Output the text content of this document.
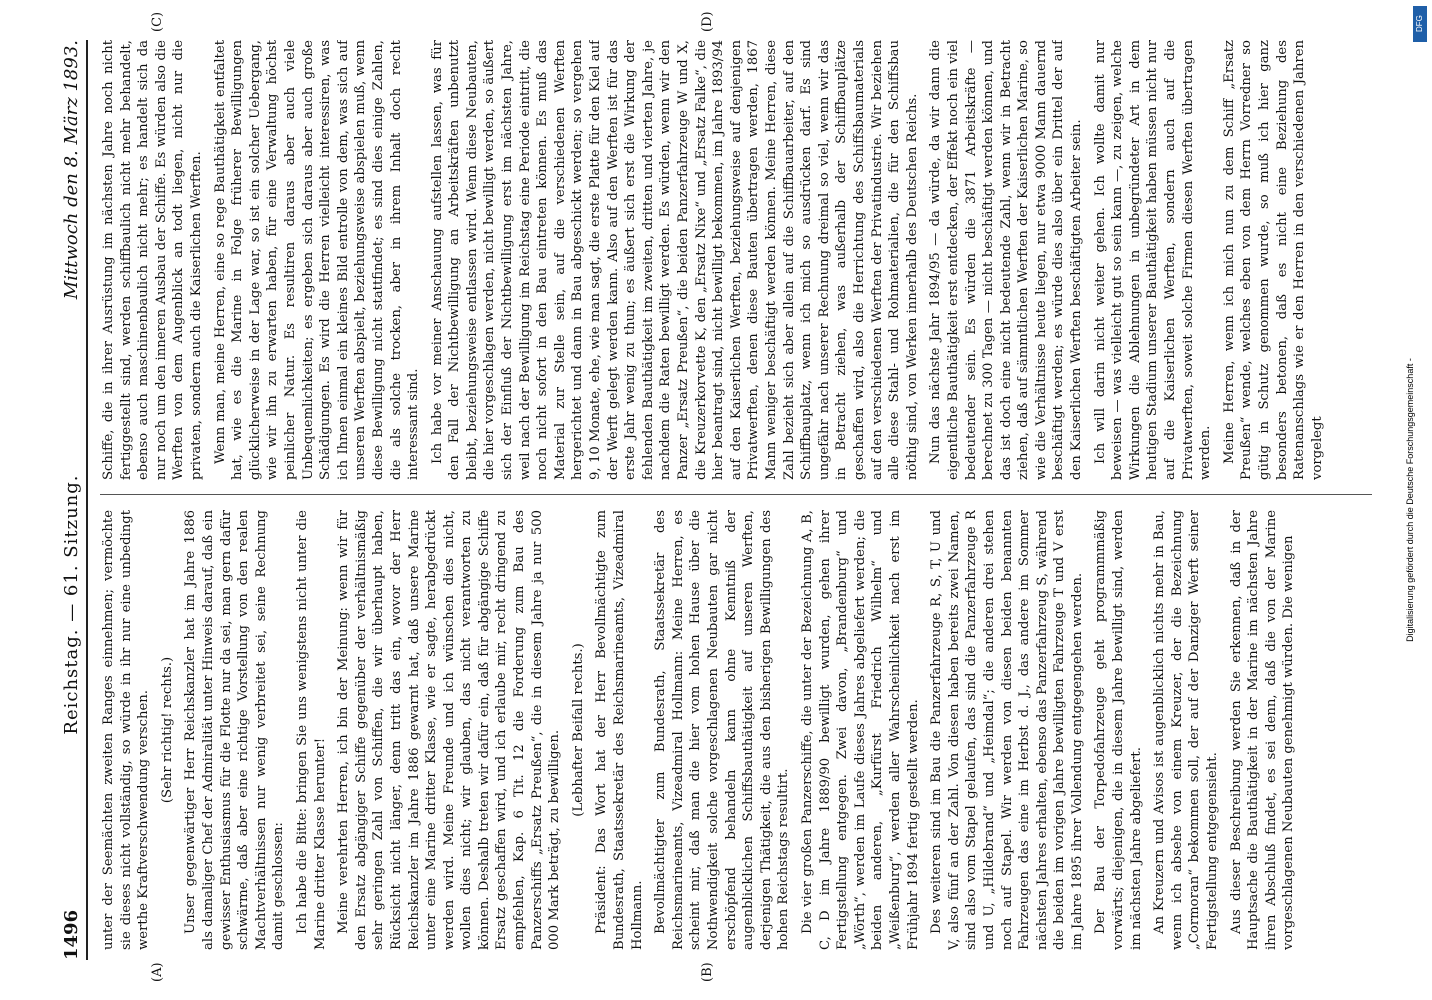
1496
Reichstag. — 61. Sitzung.
Mittwoch den 8. März 1893.
(A)	(B)
(C)	(D)

unter der Seemächten zweiten Ranges einnehmen; vermöchte sie dieses nicht vollständig, so würde in ihr nur eine unbedingt werthe Kraftverschwendung verschen. (Sehr richtig! rechts.) Unser gegenwärtiger Herr Reichskanzler hat im Jahre 1886 als damaliger Chef der Admiralität unter Hinweis darauf, daß ein gewisser Enthusiasmus für die Flotte nur da sei, man gern dafür schwärme, daß aber eine richtige Vorstellung von den realen Machtverhältnissen nur wenig verbreitet sei, seine Rechnung damit geschlossen: Ich habe die Bitte: bringen Sie uns wenigstens nicht unter die Marine dritter Klasse herunter! Meine verehrten Herren, ich bin der Meinung: wenn wir für den Ersatz abgängiger Schiffe gegenüber der verhältnismäßig sehr geringen Zahl von Schiffen, die wir überhaupt haben, Rücksicht nicht länger, denn tritt das ein, wovor der Herr Reichskanzler im Jahre 1886 gewarnt hat, daß unsere Marine unter eine Marine dritter Klasse, wie er sagte, herabgedrückt werden wird. Meine Freunde und ich wünschen dies nicht, wollen dies nicht; wir glauben, das nicht verantworten zu können. Deshalb treten wir dafür ein, daß für abgängige Schiffe Ersatz geschaffen wird, und ich erlaube mir, recht dringend zu empfehlen, Kap. 6 Tit. 12 die Forderung zum Bau des Panzerschiffs „Ersatz Preußen“, die in diesem Jahre ja nur 500 000 Mark beträgt, zu bewilligen. (Lebhafter Beifall rechts.) Präsident: Das Wort hat der Herr Bevollmächtigte zum Bundesrath, Staatssekretär des Reichsmarineamts, Vizeadmiral Hollmann. Bevollmächtigter zum Bundesrath, Staatssekretär des Reichsmarineamts, Vizeadmiral Hollmann: Meine Herren, es scheint mir, daß man die hier vom hohen Hause über die Nothwendigkeit solche vorgeschlagenen Neubauten gar nicht erschöpfend behandeln kann ohne Kenntniß der augenblicklichen Schiffsbauthätigkeit auf unseren Werften, derjenigen Thätigkeit, die aus den bisherigen Bewilligungen des hohen Reichstags resultirt. Die vier großen Panzerschiffe, die unter der Bezeichnung A, B, C, D im Jahre 1889/90 bewilligt wurden, gehen ihrer Fertigstellung entgegen. Zwei davon, „Brandenburg“ und „Wörth“, werden im Laufe dieses Jahres abgeliefert werden; die beiden anderen, „Kurfürst Friedrich Wilhelm“ und „Weißenburg“, werden aller Wahrscheinlichkeit nach erst im Frühjahr 1894 fertig gestellt werden. Des weiteren sind im Bau die Panzerfahrzeuge R, S, T, U und V, also fünf an der Zahl. Von diesen haben bereits zwei Namen, sind also vom Stapel gelaufen, das sind die Panzerfahrzeuge R und U, „Hildebrand“ und „Heimdal“; die anderen drei stehen noch auf Stapel. Wir werden von diesen beiden benannten Fahrzeugen das eine im Herbst d. J., das andere im Sommer nächsten Jahres erhalten, ebenso das Panzerfahrzeug S, während die beiden im vorigen Jahre bewilligten Fahrzeuge T und V erst im Jahre 1895 ihrer Vollendung entgegengehen werden. Der Bau der Torpedofahrzeuge geht programmmäßig vorwärts; diejenigen, die in diesem Jahre bewilligt sind, werden im nächsten Jahre abgeliefert. An Kreuzern und Avisos ist augenblicklich nichts mehr in Bau, wenn ich absehe von einem Kreuzer, der die Bezeichnung „Cormoran“ bekommen soll, der auf der Danziger Werft seiner Fertigstellung entgegensieht. Aus dieser Beschreibung werden Sie erkennen, daß in der Hauptsache die Bauthätigkeit in der Marine im nächsten Jahre ihren Abschluß findet, es sei denn, daß die von der Marine vorgeschlagenen Neubauten genehmigt würden. Die wenigen

Schiffe, die in ihrer Ausrüstung im nächsten Jahre noch nicht fertiggestellt sind, werden schiffbaulich nicht mehr behandelt, ebenso auch maschinenbaulich nicht mehr; es handelt sich da nur noch um den inneren Ausbau der Schiffe. Es würden also die Werften von dem Augenblick an todt liegen, nicht nur die privaten, sondern auch die Kaiserlichen Werften. Wenn man, meine Herren, eine so rege Bauthätigkeit entfaltet hat, wie es die Marine in Folge früherer Bewilligungen glücklicherweise in der Lage war, so ist ein solcher Uebergang, wie wir ihn zu erwarten haben, für eine Verwaltung höchst peinlicher Natur. Es resultiren daraus aber auch viele Unbequemlichkeiten; es ergeben sich daraus aber auch große Schädigungen. Es wird die Herren vielleicht interessiren, was ich Ihnen einmal ein kleines Bild entrolle von dem, was sich auf unseren Werften abspielt, beziehungsweise abspielen muß, wenn diese Bewilligung nicht stattfindet; es sind dies einige Zahlen, die als solche trocken, aber in ihrem Inhalt doch recht interessant sind. Ich habe vor meiner Anschauung aufstellen lassen, was für den Fall der Nichtbewilligung an Arbeitskräften unbenutzt bleibt, beziehungsweise entlassen wird. Wenn diese Neubauten, die hier vorgeschlagen werden, nicht bewilligt werden, so äußert sich der Einfluß der Nichtbewilligung erst im nächsten Jahre, weil nach der Bewilligung im Reichstag eine Periode eintritt, die noch nicht sofort in den Bau eintreten können. Es muß das Material zur Stelle sein, auf die verschiedenen Werften hergerichtet und dann in Bau abgeschickt werden; so vergehen 9, 10 Monate, ehe, wie man sagt, die erste Platte für den Kiel auf der Werft gelegt werden kann. Also auf den Werften ist für das erste Jahr wenig zu thun; es äußert sich erst die Wirkung der fehlenden Bauthätigkeit im zweiten, dritten und vierten Jahre, je nachdem die Raten bewilligt werden. Es würden, wenn wir den Panzer „Ersatz Preußen“, die beiden Panzerfahrzeuge W und X, die Kreuzerkorvette K, den „Ersatz Nixe“ und „Ersatz Falke“, die hier beantragt sind, nicht bewilligt bekommen, im Jahre 1893/94 auf den Kaiserlichen Werften, beziehungsweise auf denjenigen Privatwerften, denen diese Bauten übertragen werden, 1867 Mann weniger beschäftigt werden können. Meine Herren, diese Zahl bezieht sich aber allein auf die Schiffbauarbeiter, auf den Schiffbauplatz, wenn ich mich so ausdrücken darf. Es sind ungefähr nach unserer Rechnung dreimal so viel, wenn wir das in Betracht ziehen, was außerhalb der Schiffbauplätze geschaffen wird, also die Herrichtung des Schiffsbaumaterials auf den verschiedenen Werften der Privatindustrie. Wir beziehen alle diese Stahl- und Rohmaterialien, die für den Schiffsbau nöthig sind, von Werken innerhalb des Deutschen Reichs. Nun das nächste Jahr 1894/95 — da würde, da wir dann die eigentliche Bauthätigkeit erst entdecken, der Effekt noch ein viel bedeutender sein. Es würden die 3871 Arbeitskräfte — berechnet zu 300 Tagen — nicht beschäftigt werden können, und das ist doch eine nicht bedeutende Zahl, wenn wir in Betracht ziehen, daß auf sämmtlichen Werften der Kaiserlichen Marine, so wie die Verhältnisse heute liegen, nur etwa 9000 Mann dauernd beschäftigt werden; es würde dies also über ein Drittel der auf den Kaiserlichen Werften beschäftigten Arbeiter sein. Ich will darin nicht weiter gehen. Ich wollte damit nur beweisen — was vielleicht gut so sein kann —, zu zeigen, welche Wirkungen die Ablehnungen in unbegründeter Art in dem heutigen Stadium unserer Bauthätigkeit haben müssen nicht nur auf die Kaiserlichen Werften, sondern auch auf die Privatwerften, soweit solche Firmen diesen Werften übertragen werden. Meine Herren, wenn ich mich nun zu dem Schiff „Ersatz Preußen“ wende, welches eben von dem Herrn Vorredner so gütig in Schutz genommen wurde, so muß ich hier ganz besonders betonen, daß es nicht eine Beziehung des Ratenanschlags wie er den Herren in den verschiedenen Jahren vorgelegt	Digitalisierung gefördert durch die Deutsche Forschungsgemeinschaft -
DFG
